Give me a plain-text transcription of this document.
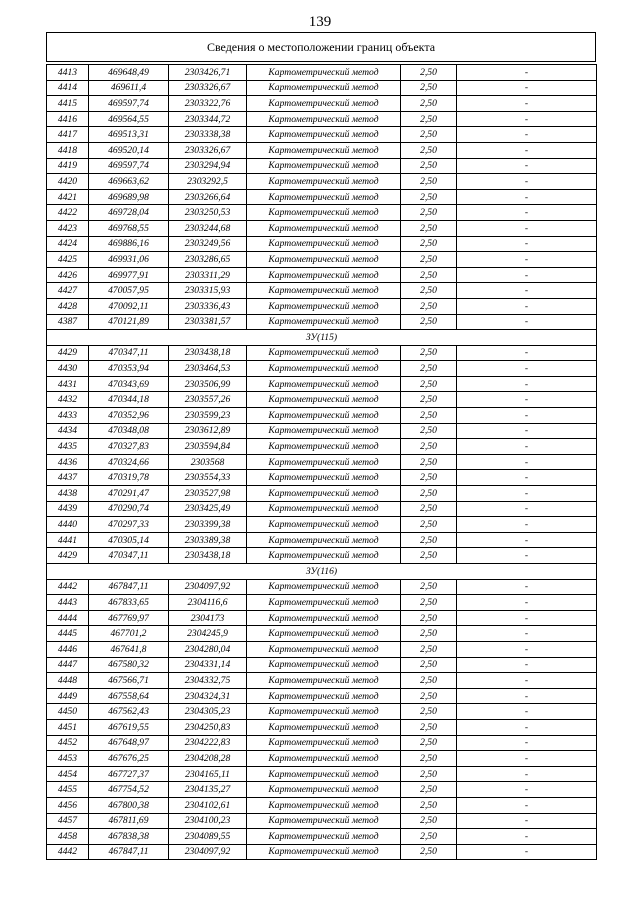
139
Сведения о местоположении границ объекта
4413	469648,49	2303426,71	Картометрический метод	2,50	-
4414	469611,4	2303326,67	Картометрический метод	2,50	-
4415	469597,74	2303322,76	Картометрический метод	2,50	-
4416	469564,55	2303344,72	Картометрический метод	2,50	-
4417	469513,31	2303338,38	Картометрический метод	2,50	-
4418	469520,14	2303326,67	Картометрический метод	2,50	-
4419	469597,74	2303294,94	Картометрический метод	2,50	-
4420	469663,62	2303292,5	Картометрический метод	2,50	-
4421	469689,98	2303266,64	Картометрический метод	2,50	-
4422	469728,04	2303250,53	Картометрический метод	2,50	-
4423	469768,55	2303244,68	Картометрический метод	2,50	-
4424	469886,16	2303249,56	Картометрический метод	2,50	-
4425	469931,06	2303286,65	Картометрический метод	2,50	-
4426	469977,91	2303311,29	Картометрический метод	2,50	-
4427	470057,95	2303315,93	Картометрический метод	2,50	-
4428	470092,11	2303336,43	Картометрический метод	2,50	-
4387	470121,89	2303381,57	Картометрический метод	2,50	-
ЗУ(115)					
4429	470347,11	2303438,18	Картометрический метод	2,50	-
4430	470353,94	2303464,53	Картометрический метод	2,50	-
4431	470343,69	2303506,99	Картометрический метод	2,50	-
4432	470344,18	2303557,26	Картометрический метод	2,50	-
4433	470352,96	2303599,23	Картометрический метод	2,50	-
4434	470348,08	2303612,89	Картометрический метод	2,50	-
4435	470327,83	2303594,84	Картометрический метод	2,50	-
4436	470324,66	2303568	Картометрический метод	2,50	-
4437	470319,78	2303554,33	Картометрический метод	2,50	-
4438	470291,47	2303527,98	Картометрический метод	2,50	-
4439	470290,74	2303425,49	Картометрический метод	2,50	-
4440	470297,33	2303399,38	Картометрический метод	2,50	-
4441	470305,14	2303389,38	Картометрический метод	2,50	-
4429	470347,11	2303438,18	Картометрический метод	2,50	-
ЗУ(116)					
4442	467847,11	2304097,92	Картометрический метод	2,50	-
4443	467833,65	2304116,6	Картометрический метод	2,50	-
4444	467769,97	2304173	Картометрический метод	2,50	-
4445	467701,2	2304245,9	Картометрический метод	2,50	-
4446	467641,8	2304280,04	Картометрический метод	2,50	-
4447	467580,32	2304331,14	Картометрический метод	2,50	-
4448	467566,71	2304332,75	Картометрический метод	2,50	-
4449	467558,64	2304324,31	Картометрический метод	2,50	-
4450	467562,43	2304305,23	Картометрический метод	2,50	-
4451	467619,55	2304250,83	Картометрический метод	2,50	-
4452	467648,97	2304222,83	Картометрический метод	2,50	-
4453	467676,25	2304208,28	Картометрический метод	2,50	-
4454	467727,37	2304165,11	Картометрический метод	2,50	-
4455	467754,52	2304135,27	Картометрический метод	2,50	-
4456	467800,38	2304102,61	Картометрический метод	2,50	-
4457	467811,69	2304100,23	Картометрический метод	2,50	-
4458	467838,38	2304089,55	Картометрический метод	2,50	-
4442	467847,11	2304097,92	Картометрический метод	2,50	-
